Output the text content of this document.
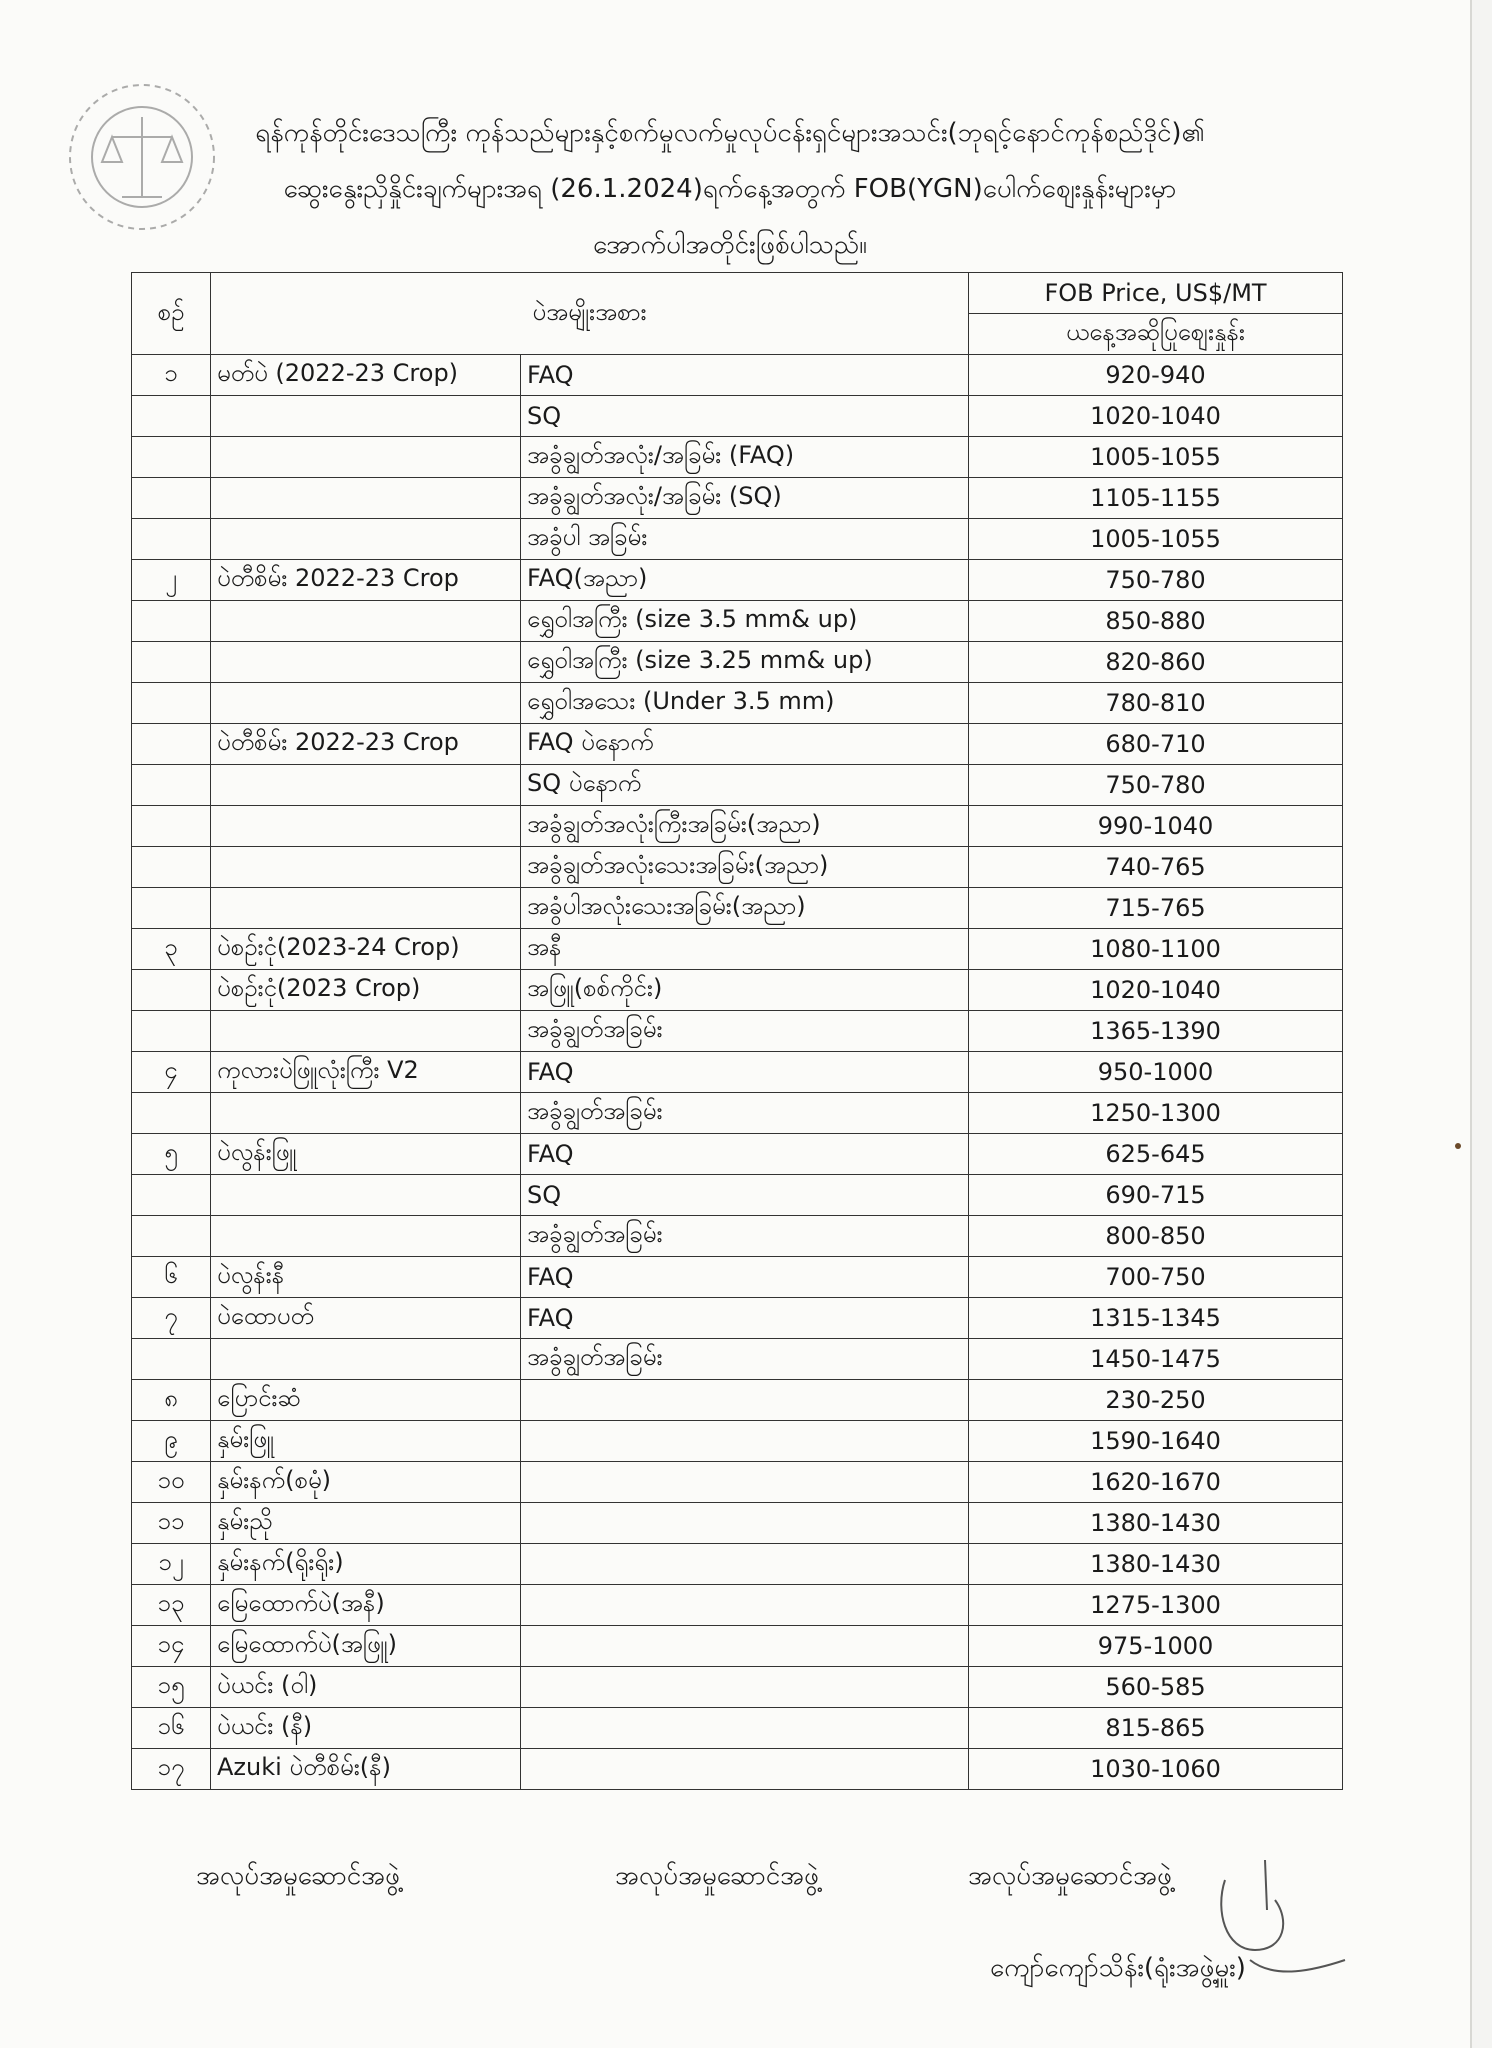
ရန်ကုန်တိုင်းဒေသကြီး ကုန်သည်များနှင့်စက်မှုလက်မှုလုပ်ငန်းရှင်များအသင်း(ဘုရင့်နောင်ကုန်စည်ဒိုင်)၏
ဆွေးနွေးညှိနှိုင်းချက်များအရ (26.1.2024)ရက်နေ့အတွက် FOB(YGN)ပေါက်စျေးနှုန်းများမှာ
အောက်ပါအတိုင်းဖြစ်ပါသည်။
စဉ်	ပဲအမျိုးအစား		FOB Price, US$/MT
			ယနေ့အဆိုပြုစျေးနှုန်း
၁	မတ်ပဲ (2022-23 Crop)	FAQ	920-940
		SQ	1020-1040
		အခွံချွတ်အလုံး/အခြမ်း (FAQ)	1005-1055
		အခွံချွတ်အလုံး/အခြမ်း (SQ)	1105-1155
		အခွံပါ အခြမ်း	1005-1055
၂	ပဲတီစိမ်း 2022-23 Crop	FAQ(အညာ)	750-780
		ရွှေဝါအကြီး (size 3.5 mm& up)	850-880
		ရွှေဝါအကြီး (size 3.25 mm& up)	820-860
		ရွှေဝါအသေး (Under 3.5 mm)	780-810
	ပဲတီစိမ်း 2022-23 Crop	FAQ ပဲနောက်	680-710
		SQ ပဲနောက်	750-780
		အခွံချွတ်အလုံးကြီးအခြမ်း(အညာ)	990-1040
		အခွံချွတ်အလုံးသေးအခြမ်း(အညာ)	740-765
		အခွံပါအလုံးသေးအခြမ်း(အညာ)	715-765
၃	ပဲစဉ်းငုံ(2023-24 Crop)	အနီ	1080-1100
	ပဲစဉ်းငုံ(2023 Crop)	အဖြူ(စစ်ကိုင်း)	1020-1040
		အခွံချွတ်အခြမ်း	1365-1390
၄	ကုလားပဲဖြူလုံးကြီး V2	FAQ	950-1000
		အခွံချွတ်အခြမ်း	1250-1300
၅	ပဲလွန်းဖြူ	FAQ	625-645
		SQ	690-715
		အခွံချွတ်အခြမ်း	800-850
၆	ပဲလွန်းနီ	FAQ	700-750
၇	ပဲထောပတ်	FAQ	1315-1345
		အခွံချွတ်အခြမ်း	1450-1475
၈	ပြောင်းဆံ		230-250
၉	နှမ်းဖြူ		1590-1640
၁၀	နှမ်းနက်(စမုံ)		1620-1670
၁၁	နှမ်းညို		1380-1430
၁၂	နှမ်းနက်(ရိုးရိုး)		1380-1430
၁၃	မြေထောက်ပဲ(အနီ)		1275-1300
၁၄	မြေထောက်ပဲ(အဖြူ)		975-1000
၁၅	ပဲယင်း (ဝါ)		560-585
၁၆	ပဲယင်း (နီ)		815-865
၁၇	Azuki ပဲတီစိမ်း(နီ)		1030-1060
အလုပ်အမှုဆောင်အဖွဲ့	အလုပ်အမှုဆောင်အဖွဲ့	အလုပ်အမှုဆောင်အဖွဲ့
ကျော်ကျော်သိန်း(ရုံးအဖွဲ့မှူး)
